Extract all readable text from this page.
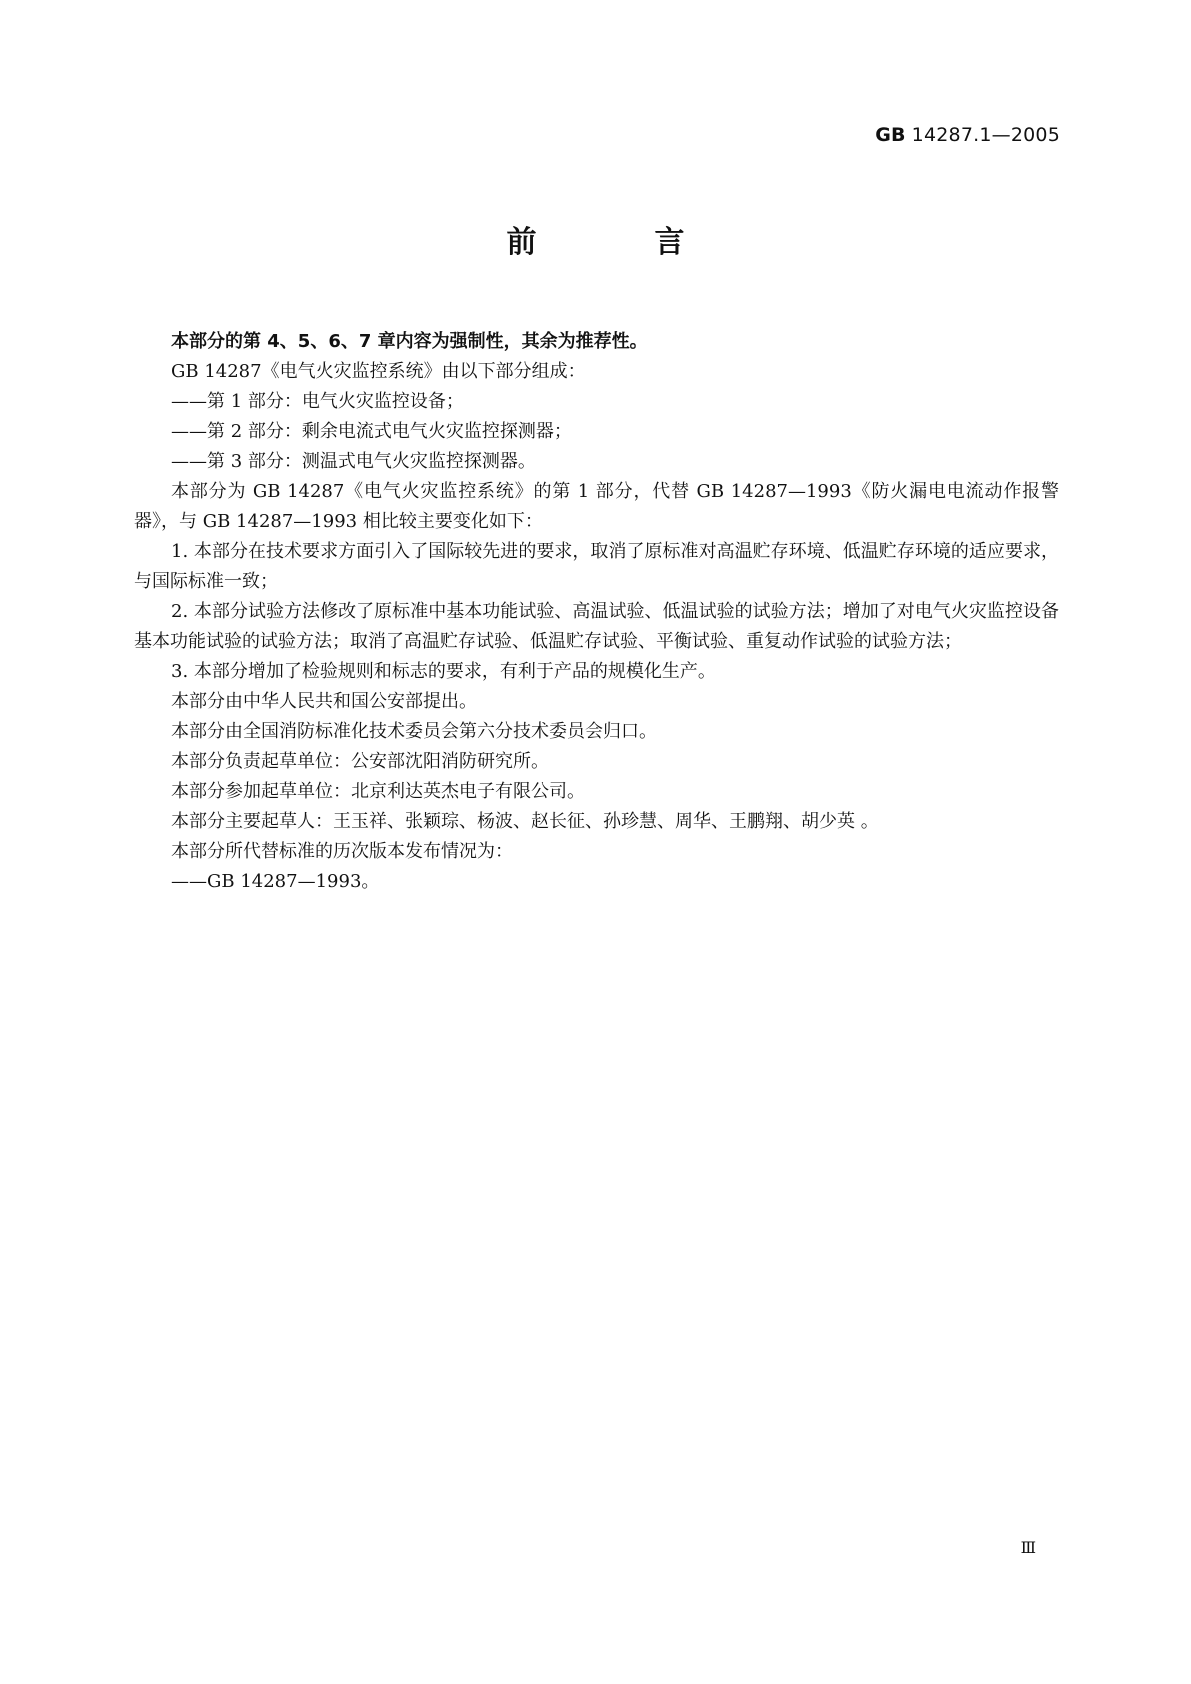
GB 14287.1—2005
前　言

本部分的第 4、5、6、7 章内容为强制性，其余为推荐性。

GB 14287《电气火灾监控系统》由以下部分组成：

——第 1 部分：电气火灾监控设备；

——第 2 部分：剩余电流式电气火灾监控探测器；

——第 3 部分：测温式电气火灾监控探测器。

本部分为 GB 14287《电气火灾监控系统》的第 1 部分，代替 GB 14287—1993《防火漏电电流动作报警器》，与 GB 14287—1993 相比较主要变化如下：

1. 本部分在技术要求方面引入了国际较先进的要求，取消了原标准对高温贮存环境、低温贮存环境的适应要求，与国际标准一致；

2. 本部分试验方法修改了原标准中基本功能试验、高温试验、低温试验的试验方法；增加了对电气火灾监控设备基本功能试验的试验方法；取消了高温贮存试验、低温贮存试验、平衡试验、重复动作试验的试验方法；

3. 本部分增加了检验规则和标志的要求，有利于产品的规模化生产。

本部分由中华人民共和国公安部提出。

本部分由全国消防标准化技术委员会第六分技术委员会归口。

本部分负责起草单位：公安部沈阳消防研究所。

本部分参加起草单位：北京利达英杰电子有限公司。

本部分主要起草人：王玉祥、张颖琮、杨波、赵长征、孙珍慧、周华、王鹏翔、胡少英 。

本部分所代替标准的历次版本发布情况为：

——GB 14287—1993。

Ⅲ
